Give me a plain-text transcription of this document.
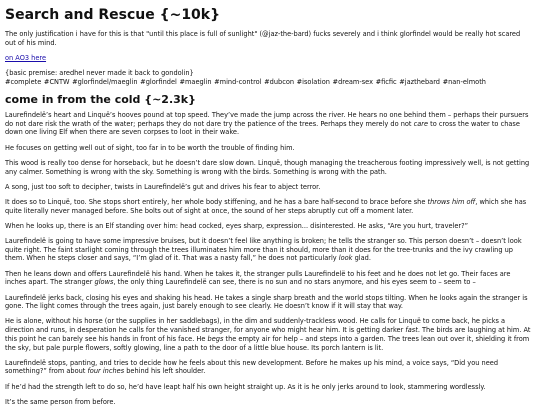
Search and Rescue {~10k}

The only justification i have for this is that "until this place is full of sunlight" (@jaz-the-bard) fucks severely and i think glorfindel would be really hot scared out of his mind.

on AO3 here

{basic premise: aredhel never made it back to gondolin}
#complete #CNTW #glorfindel/maeglin #glorfindel #maeglin #mind-control #dubcon #isolation #dream-sex #ficfic #jazthebard #nan-elmoth

come in from the cold {~2.3k}

Laurefindelë’s heart and Linquë’s hooves pound at top speed. They’ve made the jump across the river. He hears no one behind them – perhaps their pursuers do not dare risk the wrath of the water; perhaps they do not dare try the patience of the trees. Perhaps they merely do not care to cross the water to chase down one living Elf when there are seven corpses to loot in their wake.

He focuses on getting well out of sight, too far in to be worth the trouble of finding him.

This wood is really too dense for horseback, but he doesn’t dare slow down. Linquë, though managing the treacherous footing impressively well, is not getting any calmer. Something is wrong with the sky. Something is wrong with the birds. Something is wrong with the path.

A song, just too soft to decipher, twists in Laurefindelë’s gut and drives his fear to abject terror.

It does so to Linquë, too. She stops short entirely, her whole body stiffening, and he has a bare half-second to brace before she throws him off, which she has quite literally never managed before. She bolts out of sight at once, the sound of her steps abruptly cut off a moment later.

When he looks up, there is an Elf standing over him: head cocked, eyes sharp, expression... disinterested. He asks, “Are you hurt, traveler?”

Laurefindelë is going to have some impressive bruises, but it doesn’t feel like anything is broken; he tells the stranger so. This person doesn’t – doesn’t look quite right. The faint starlight coming through the trees illuminates him more than it should, more than it does for the tree-trunks and the ivy crawling up them. When he steps closer and says, “I’m glad of it. That was a nasty fall,” he does not particularly look glad.

Then he leans down and offers Laurefindelë his hand. When he takes it, the stranger pulls Laurefindelë to his feet and he does not let go. Their faces are inches apart. The stranger glows, the only thing Laurefindelë can see, there is no sun and no stars anymore, and his eyes seem to – seem to –

Laurefindelë jerks back, closing his eyes and shaking his head. He takes a single sharp breath and the world stops tilting. When he looks again the stranger is gone. The light comes through the trees again, just barely enough to see clearly. He doesn’t know if it will stay that way.

He is alone, without his horse (or the supplies in her saddlebags), in the dim and suddenly-trackless wood. He calls for Linquë to come back, he picks a direction and runs, in desperation he calls for the vanished stranger, for anyone who might hear him. It is getting darker fast. The birds are laughing at him. At this point he can barely see his hands in front of his face. He begs the empty air for help – and steps into a garden. The trees lean out over it, shielding it from the sky, but pale purple flowers, softly glowing, line a path to the door of a little blue house. Its porch lantern is lit.

Laurefindelë stops, panting, and tries to decide how he feels about this new development. Before he makes up his mind, a voice says, “Did you need something?” from about four inches behind his left shoulder.

If he’d had the strength left to do so, he’d have leapt half his own height straight up. As it is he only jerks around to look, stammering wordlessly.

It’s the same person from before.
